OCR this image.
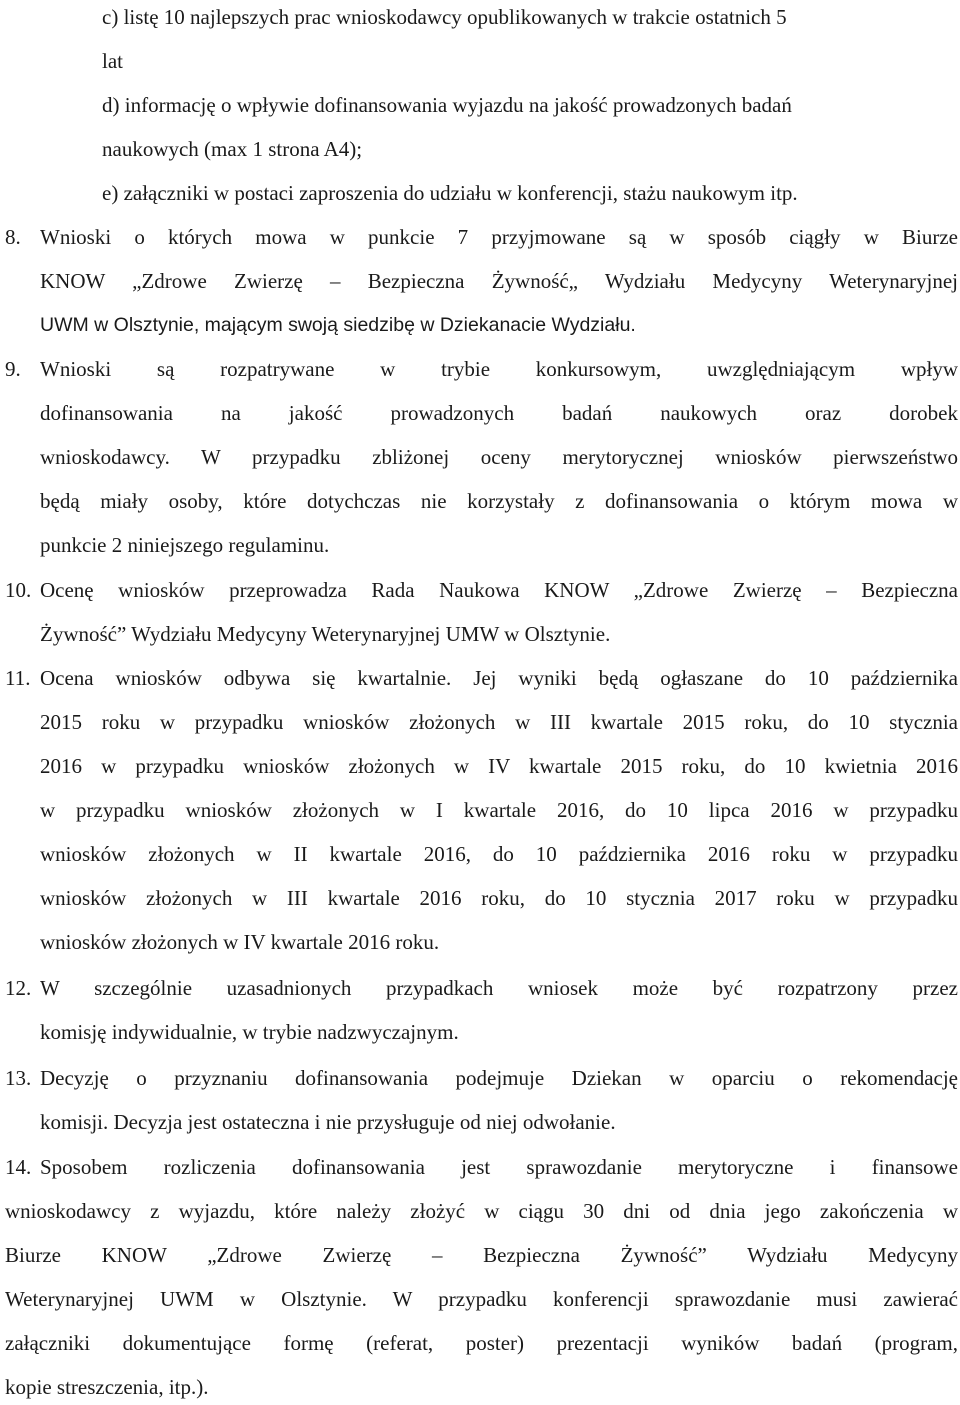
c) listę 10 najlepszych prac wnioskodawcy opublikowanych w trakcie ostatnich 5
lat
d) informację o wpływie dofinansowania wyjazdu na jakość prowadzonych badań
naukowych (max 1 strona A4);
e) załączniki w postaci zaproszenia do udziału w konferencji, stażu naukowym itp.
8. Wnioski o których mowa w punkcie 7 przyjmowane są w sposób ciągły w Biurze
KNOW „Zdrowe Zwierzę – Bezpieczna Żywność„ Wydziału Medycyny Weterynaryjnej
UWM w Olsztynie, mającym swoją siedzibę w Dziekanacie Wydziału.
9. Wnioski są rozpatrywane w trybie konkursowym, uwzględniającym wpływ
dofinansowania na jakość prowadzonych badań naukowych oraz dorobek
wnioskodawcy. W przypadku zbliżonej oceny merytorycznej wniosków pierwszeństwo
będą miały osoby, które dotychczas nie korzystały z dofinansowania o którym mowa w
punkcie 2 niniejszego regulaminu.
10. Ocenę wniosków przeprowadza Rada Naukowa KNOW „Zdrowe Zwierzę – Bezpieczna
Żywność” Wydziału Medycyny Weterynaryjnej UMW w Olsztynie.
11. Ocena wniosków odbywa się kwartalnie. Jej wyniki będą ogłaszane do 10 października
2015 roku w przypadku wniosków złożonych w III kwartale 2015 roku, do 10 stycznia
2016 w przypadku wniosków złożonych w IV kwartale 2015 roku, do 10 kwietnia 2016
w przypadku wniosków złożonych w I kwartale 2016, do 10 lipca 2016 w przypadku
wniosków złożonych w II kwartale 2016, do 10 października 2016 roku w przypadku
wniosków złożonych w III kwartale 2016 roku, do 10 stycznia 2017 roku w przypadku
wniosków złożonych w IV kwartale 2016 roku.
12. W szczególnie uzasadnionych przypadkach wniosek może być rozpatrzony przez
komisję indywidualnie, w trybie nadzwyczajnym.
13. Decyzję o przyznaniu dofinansowania podejmuje Dziekan w oparciu o rekomendację
komisji. Decyzja jest ostateczna i nie przysługuje od niej odwołanie.
14. Sposobem rozliczenia dofinansowania jest sprawozdanie merytoryczne i finansowe
wnioskodawcy z wyjazdu, które należy złożyć w ciągu 30 dni od dnia jego zakończenia w
Biurze KNOW „Zdrowe Zwierzę – Bezpieczna Żywność” Wydziału Medycyny
Weterynaryjnej UWM w Olsztynie. W przypadku konferencji sprawozdanie musi zawierać
załączniki dokumentujące formę (referat, poster) prezentacji wyników badań (program,
kopie streszczenia, itp.).
